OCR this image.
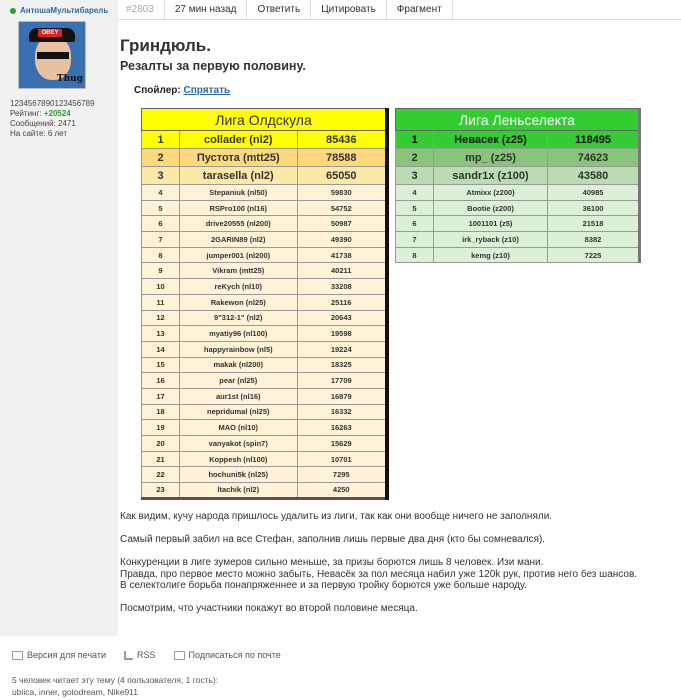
АнтошаМультибарель
OBEY
Thug
1234567890123456789
Рейтинг: +20524
Сообщений: 2471
На сайте: 6 лет
#2803	27 мин назад	Ответить	Цитировать	Фрагмент
Гриндюль.
Резалты за первую половину.
Спойлер: Спрятать
Лига Олдскула		
1	collader (nl2)	85436
2	Пустота (mtt25)	78588
3	tarasella (nl2)	65050
4	Stepaniuk (nl50)	59830
5	RSPro100 (nl16)	54752
6	drive20555 (nl200)	50987
7	2GARIN89 (nl2)	49390
8	jumper001 (nl200)	41738
9	Vikram (mtt25)	40211
10	reKych (nl10)	33208
11	Rakewon (nl25)	25116
12	9"312-1" (nl2)	20643
13	myatiy96 (nl100)	19598
14	happyrainbow (nl5)	19224
15	makak (nl200)	18325
16	pear (nl25)	17709
17	aur1st (nl16)	16879
18	nepridumal (nl25)	16332
19	MAO (nl10)	16263
20	vanyakot (spin7)	15629
21	Koppesh (nl100)	10701
22	hochuni5k (nl25)	7295
23	ltachik (nl2)	4250
Лига Леньселекта		
1	Невасек (z25)	118495
2	mp_ (z25)	74623
3	sandr1x (z100)	43580
4	Atmixx (z200)	40985
5	Bootie (z200)	36100
6	1001101 (z5)	21518
7	irk_ryback (z10)	8382
8	kemg (z10)	7225

Как видим, кучу народа пришлось удалить из лиги, так как они вообще ничего не заполняли.

Самый первый забил на все Стефан, заполнив лишь первые два дня (кто бы сомневался).

Конкуренции в лиге зумеров сильно меньше, за призы борются лишь 8 человек. Изи мани.
Правда, про первое место можно забыть, Невасёк за пол месяца набил уже 120k рук, против него без шансов.
В селектолиге борьба понапряженнее и за первую тройку борются уже больше народу.

Посмотрим, что участники покажут во второй половине месяца.

Версия для печати	RSS	Подписаться по почте
5 человек читает эту тему (4 пользователя, 1 гость):
ubiica, inner, gotodream, Nike911
